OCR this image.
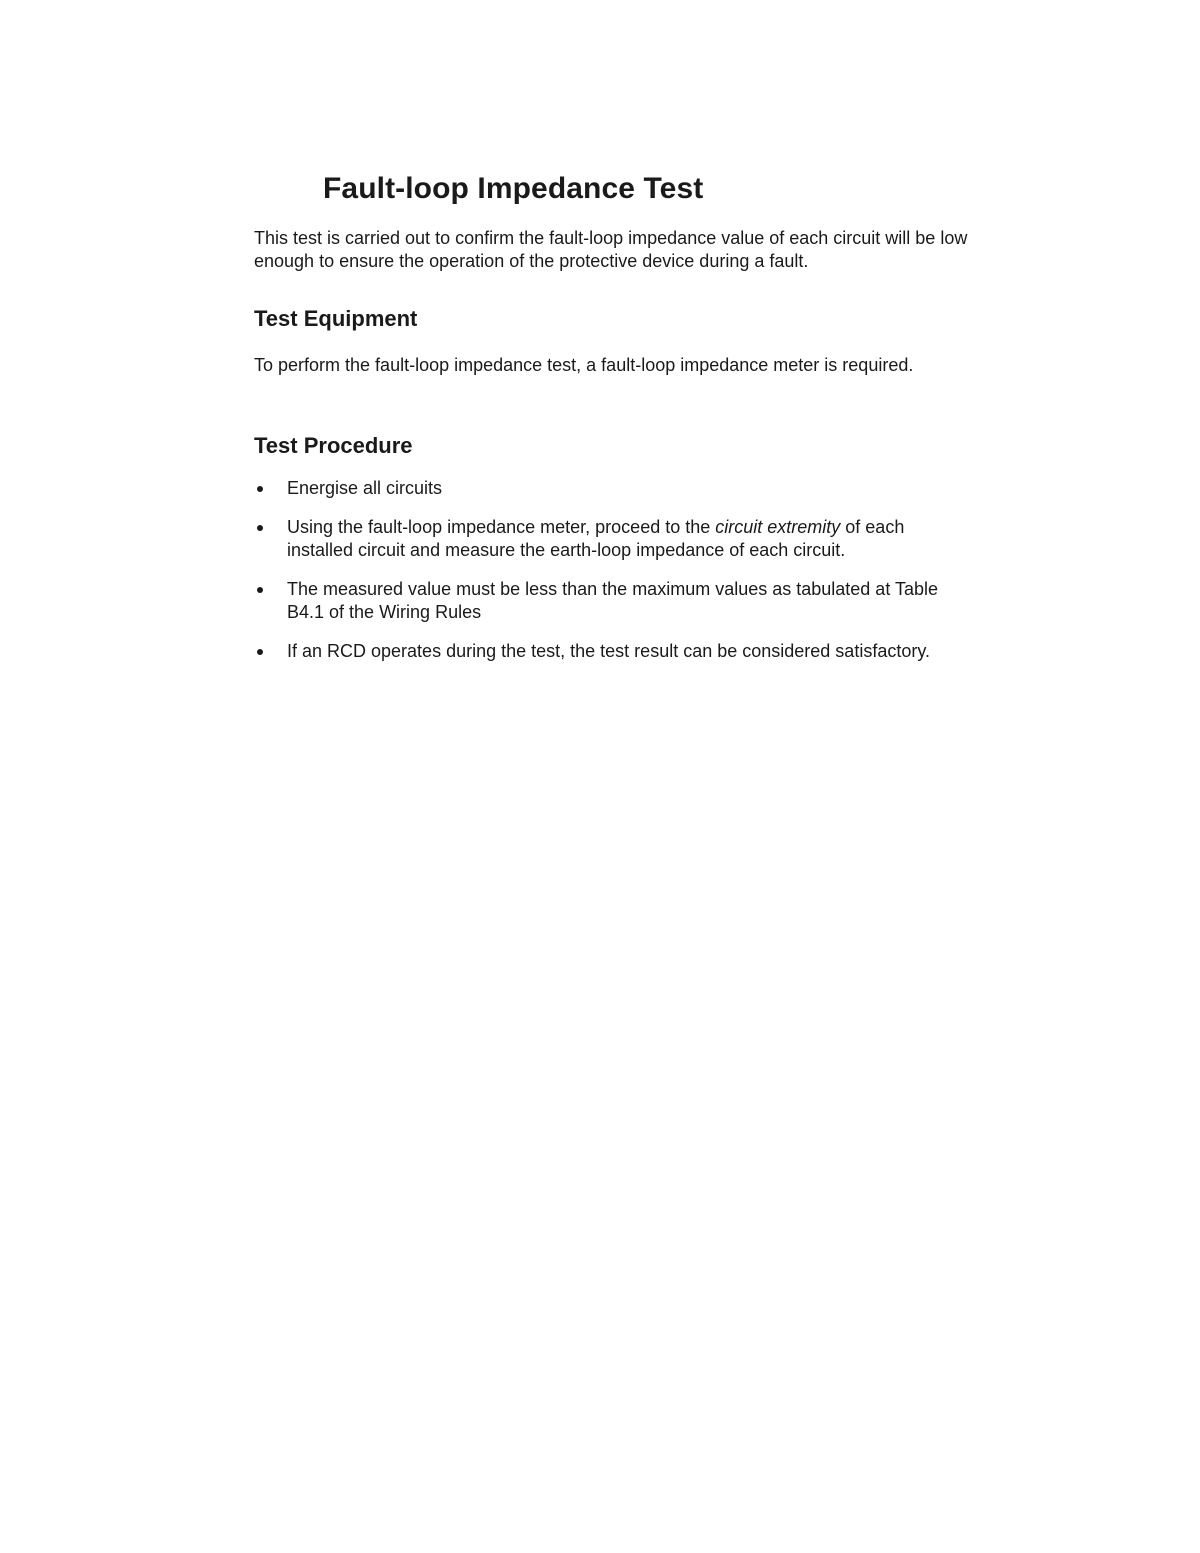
Fault-loop Impedance Test

This test is carried out to confirm the fault-loop impedance value of each circuit will be low enough to ensure the operation of the protective device during a fault.

Test Equipment

To perform the fault-loop impedance test, a fault-loop impedance meter is required.

Test Procedure
Energise all circuits
Using the fault-loop impedance meter, proceed to the circuit extremity of each installed circuit and measure the earth-loop impedance of each circuit.
The measured value must be less than the maximum values as tabulated at Table B4.1 of the Wiring Rules
If an RCD operates during the test, the test result can be considered satisfactory.
